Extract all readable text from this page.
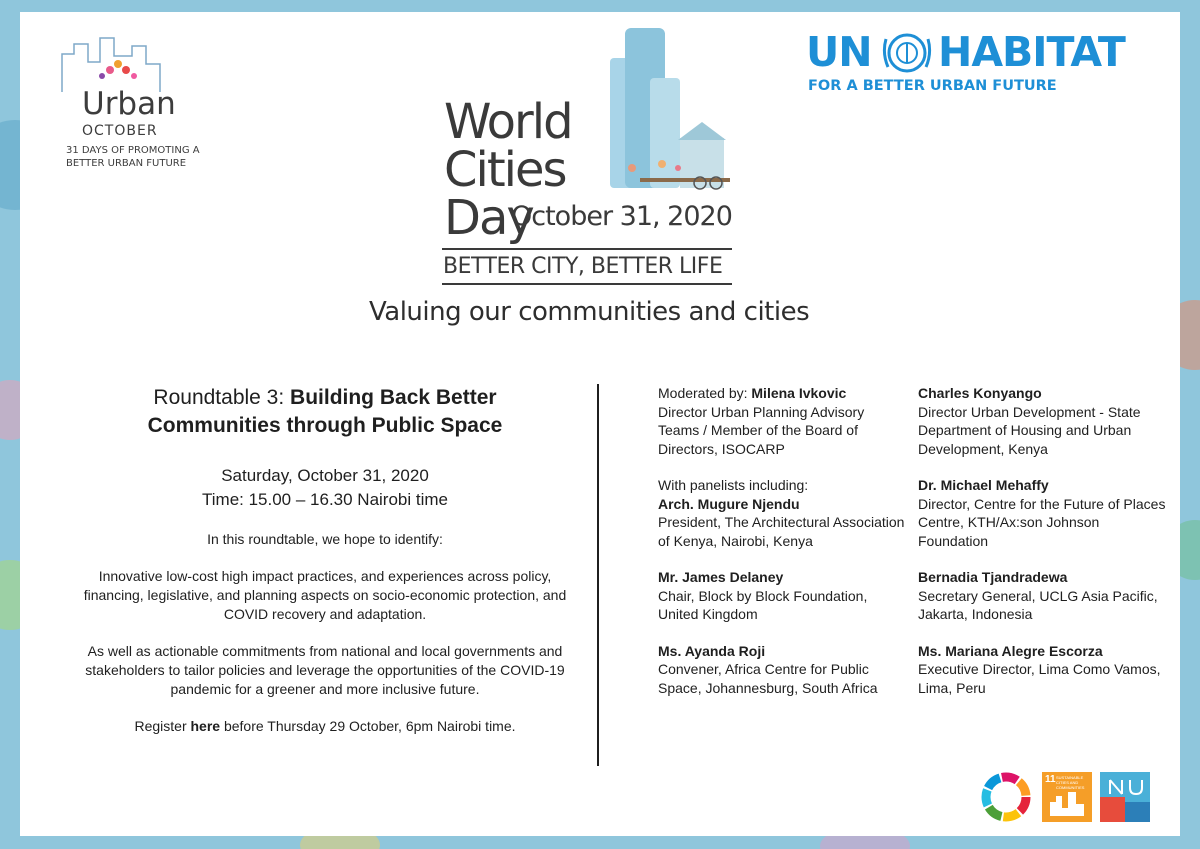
Urban
OCTOBER
31 DAYS OF PROMOTING A BETTER URBAN FUTURE
UN HABITAT
FOR A BETTER URBAN FUTURE
World
Cities
Day
October 31, 2020
BETTER CITY, BETTER LIFE
Valuing our communities and cities

Roundtable 3: Building Back Better
Communities through Public Space

Saturday, October 31, 2020
Time: 15.00 – 16.30 Nairobi time
In this roundtable, we hope to identify:
Innovative low-cost high impact practices, and experiences across policy, financing, legislative, and planning aspects on socio-economic protection, and COVID recovery and adaptation.
As well as actionable commitments from national and local governments and stakeholders to tailor policies and leverage the opportunities of the COVID-19 pandemic for a greener and more inclusive future.
Register here before Thursday 29 October, 6pm Nairobi time.
Moderated by: Milena Ivkovic
Director Urban Planning Advisory Teams / Member of the Board of Directors, ISOCARP
With panelists including:
Arch. Mugure Njendu
President, The Architectural Association of Kenya, Nairobi, Kenya
Mr. James Delaney
Chair, Block by Block Foundation, United Kingdom
Ms. Ayanda Roji
Convener, Africa Centre for Public Space, Johannesburg, South Africa
Charles Konyango
Director Urban Development - State Department of Housing and Urban Development, Kenya
Dr. Michael Mehaffy
Director, Centre for the Future of Places Centre, KTH/Ax:son Johnson Foundation
Bernadia Tjandradewa
Secretary General, UCLG Asia Pacific, Jakarta, Indonesia
Ms. Mariana Alegre Escorza
Executive Director, Lima Como Vamos, Lima, Peru
11 SUSTAINABLE CITIES AND COMMUNITIES
